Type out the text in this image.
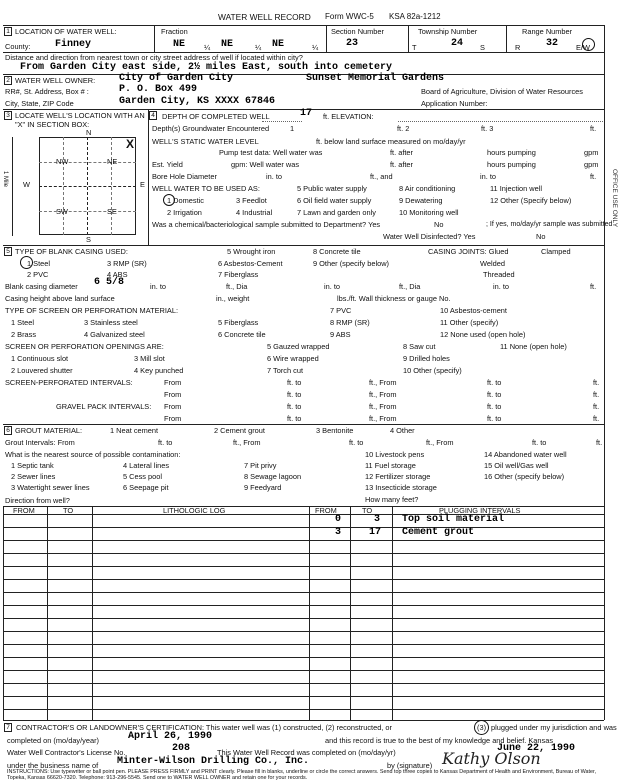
WATER WELL RECORD Form WWC-5 KSA 82a-1212
1 LOCATION OF WATER WELL:	Fraction	Section Number	Township Number	Range Number
County: Finney	NE	¼ NE	¼ NE	¼	23	T	24 S	R	32 E/W
Distance and direction from nearest town or city street address of well if located within city?
From Garden City east side, 2½ miles East, south into cemetery
2 WATER WELL OWNER: City of Garden City	Sunset Memorial Gardens
RR#, St. Address, Box # :	P. O. Box 499	Board of Agriculture, Division of Water Resources
City, State, ZIP Code	Garden City, KS XXXX 67846	Application Number:
3 LOCATE WELL'S LOCATION WITH AN "X" IN SECTION BOX:
N
S
W	E
1 Mile
NW	NE
SW	SE
X
4 DEPTH OF COMPLETED WELL	17 ft. ELEVATION:
Depth(s) Groundwater Encountered	1	ft. 2	ft. 3	ft.
WELL'S STATIC WATER LEVEL	ft. below land surface measured on mo/day/yr
Pump test data: Well water was	ft. after	hours pumping	gpm
Est. Yield	gpm: Well water was	ft. after	hours pumping	gpm
Bore Hole Diameter	in. to	ft., and	in. to	ft.
WELL WATER TO BE USED AS:
1 Domestic
2 Irrigation
3 Feedlot
4 Industrial
5 Public water supply
6 Oil field water supply
7 Lawn and garden only
8 Air conditioning
9 Dewatering
10 Monitoring well
11 Injection well
12 Other (Specify below)
Was a chemical/bacteriological sample submitted to Department? Yes	No	; If yes, mo/day/yr sample was submitted
Water Well Disinfected? Yes	No
5 TYPE OF BLANK CASING USED:
1 Steel
2 PVC
3 RMP (SR)
4 ABS
5 Wrought iron
6 Asbestos-Cement
7 Fiberglass
8 Concrete tile
9 Other (specify below)
CASING JOINTS: Glued	Clamped
Welded
Threaded
Blank casing diameter 6 5/8	in. to	ft., Dia	in. to	ft., Dia	in. to	ft.
Casing height above land surface	in., weight	lbs./ft. Wall thickness or gauge No.
TYPE OF SCREEN OR PERFORATION MATERIAL:
1 Steel
2 Brass
3 Stainless steel
4 Galvanized steel
5 Fiberglass
6 Concrete tile
7 PVC
8 RMP (SR)
9 ABS
10 Asbestos-cement
11 Other (specify)
12 None used (open hole)
SCREEN OR PERFORATION OPENINGS ARE:
1 Continuous slot
2 Louvered shutter
3 Mill slot
4 Key punched
5 Gauzed wrapped
6 Wire wrapped
7 Torch cut
8 Saw cut
9 Drilled holes
10 Other (specify)
11 None (open hole)
SCREEN-PERFORATED INTERVALS:
GRAVEL PACK INTERVALS:
From	ft. to	ft., From	ft. to	ft.
From	ft. to	ft., From	ft. to	ft.
From	ft. to	ft., From	ft. to	ft.
From	ft. to	ft., From	ft. to	ft.
6 GROUT MATERIAL:	1 Neat cement	2 Cement grout	3 Bentonite	4 Other
Grout Intervals: From	ft. to	ft., From	ft. to	ft., From	ft. to	ft.
What is the nearest source of possible contamination:
1 Septic tank
2 Sewer lines
3 Watertight sewer lines
4 Lateral lines
5 Cess pool
6 Seepage pit
7 Pit privy
8 Sewage lagoon
9 Feedyard
10 Livestock pens
11 Fuel storage
12 Fertilizer storage
13 Insecticide storage
14 Abandoned water well
15 Oil well/Gas well
16 Other (specify below)
How many feet?
Direction from well?
FROM	TO	LITHOLOGIC LOG	FROM	TO	PLUGGING INTERVALS
0	3 Top soil material
3	17 Cement grout
7 CONTRACTOR'S OR LANDOWNER'S CERTIFICATION: This water well was (1) constructed, (2) reconstructed, or	(3) plugged under my jurisdiction and was
completed on (mo/day/year)	April 26, 1990	and this record is true to the best of my knowledge and belief. Kansas
Water Well Contractor's License No.	208	This Water Well Record was completed on (mo/day/yr)	June 22, 1990
under the business name of Minter-Wilson Drilling Co., Inc.	by (signature) Kathy Olson
INSTRUCTIONS: Use typewriter or ball point pen. PLEASE PRESS FIRMLY and PRINT clearly. Please fill in blanks, underline or circle the correct answers. Send top three copies to Kansas Department of Health and Environment, Bureau of Water, Topeka, Kansas 66620-7320. Telephone: 913-296-5545. Send one to WATER WELL OWNER and retain one for your records.
OFFICE USE ONLY
